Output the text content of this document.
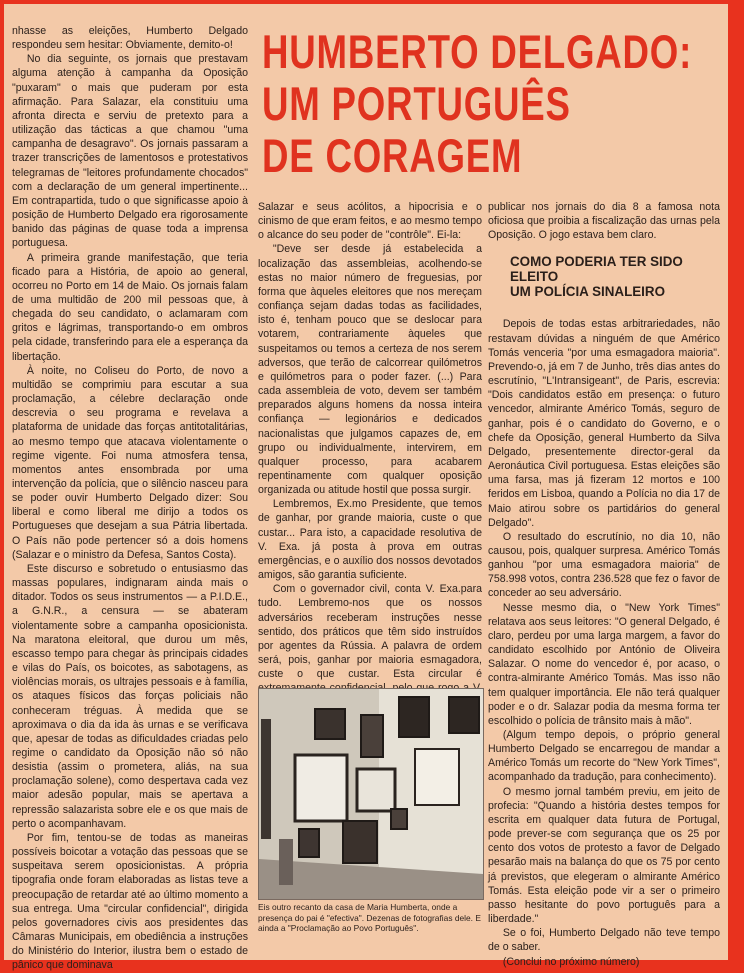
HUMBERTO DELGADO:
UM PORTUGUÊS
DE CORAGEM

nhasse as eleições, Humberto Delgado respondeu sem hesitar: Obviamente, demito-o!

No dia seguinte, os jornais que prestavam alguma atenção à campanha da Oposição "puxaram" o mais que puderam por esta afirmação. Para Salazar, ela constituiu uma afronta directa e serviu de pretexto para a utilização das tácticas a que chamou "uma campanha de desagravo". Os jornais passaram a trazer transcrições de lamentosos e protestativos telegramas de "leitores profundamente chocados" com a declaração de um general impertinente... Em contrapartida, tudo o que significasse apoio à posição de Humberto Delgado era rigorosamente banido das páginas de quase toda a imprensa portuguesa.

A primeira grande manifestação, que teria ficado para a História, de apoio ao general, ocorreu no Porto em 14 de Maio. Os jornais falam de uma multidão de 200 mil pessoas que, à chegada do seu candidato, o aclamaram com gritos e lágrimas, transportando-o em ombros pela cidade, transferindo para ele a esperança da libertação.

À noite, no Coliseu do Porto, de novo a multidão se comprimiu para escutar a sua proclamação, a célebre declaração onde descrevia o seu programa e revelava a plataforma de unidade das forças antitotalitárias, ao mesmo tempo que atacava violentamente o regime vigente. Foi numa atmosfera tensa, momentos antes ensombrada por uma intervenção da polícia, que o silêncio nasceu para se poder ouvir Humberto Delgado dizer: Sou liberal e como liberal me dirijo a todos os Portugueses que desejam a sua Pátria libertada. O País não pode pertencer só a dois homens (Salazar e o ministro da Defesa, Santos Costa).

Este discurso e sobretudo o entusiasmo das massas populares, indignaram ainda mais o ditador. Todos os seus instrumentos — a P.I.D.E., a G.N.R., a censura — se abateram violentamente sobre a campanha oposicionista. Na maratona eleitoral, que durou um mês, escasso tempo para chegar às principais cidades e vilas do País, os boicotes, as sabotagens, as violências morais, os ultrajes pessoais e à família, os ataques físicos das forças policiais não conheceram tréguas. À medida que se aproximava o dia da ida às urnas e se verificava que, apesar de todas as dificuldades criadas pelo regime o candidato da Oposição não só não desistia (assim o prometera, aliás, na sua proclamação solene), como despertava cada vez maior adesão popular, mais se apertava a repressão salazarista sobre ele e os que mais de perto o acompanhavam.

Por fim, tentou-se de todas as maneiras possíveis boicotar a votação das pessoas que se suspeitava serem oposicionistas. A própria tipografia onde foram elaboradas as listas teve a preocupação de retardar até ao último momento a sua entrega. Uma "circular confidencial", dirigida pelos governadores civis aos presidentes das Câmaras Municipais, em obediência a instruções do Ministério do Interior, ilustra bem o estado de pânico que dominava

Salazar e seus acólitos, a hipocrisia e o cinismo de que eram feitos, e ao mesmo tempo o alcance do seu poder de "contrôle". Ei-la:

"Deve ser desde já estabelecida a localização das assembleias, acolhendo-se estas no maior número de freguesias, por forma que àqueles eleitores que nos mereçam confiança sejam dadas todas as facilidades, isto é, tenham pouco que se deslocar para votarem, contrariamente àqueles que suspeitamos ou temos a certeza de nos serem adversos, que terão de calcorrear quilómetros e quilómetros para o poder fazer. (...) Para cada assembleia de voto, devem ser também preparados alguns homens da nossa inteira confiança — legionários e dedicados nacionalistas que julgamos capazes de, em grupo ou individualmente, intervirem, em qualquer processo, para acabarem repentinamente com qualquer oposição organizada ou atitude hostil que possa surgir.

Lembremos, Ex.mo Presidente, que temos de ganhar, por grande maioria, custe o que custar... Para isto, a capacidade resolutiva de V. Exa. já posta à prova em outras emergências, e o auxílio dos nossos devotados amigos, são garantia suficiente.

Com o governador civil, conta V. Exa.para tudo. Lembremo-nos que os nossos adversários receberam instruções nesse sentido, dos práticos que têm sido instruídos por agentes da Rússia. A palavra de ordem será, pois, ganhar por maioria esmagadora, custe o que custar. Esta circular é

publicar nos jornais do dia 8 a famosa nota oficiosa que proibia a fiscalização das urnas pela Oposição. O jogo estava bem claro.

COMO PODERIA TER SIDO
ELEITO
UM POLÍCIA SINALEIRO

Depois de todas estas arbitrariedades, não restavam dúvidas a ninguém de que Américo Tomás venceria "por uma esmagadora maioria". Prevendo-o, já em 7 de Junho, três dias antes do escrutínio, "L'Intransigeant", de Paris, escrevia: "Dois candidatos estão em presença: o futuro vencedor, almirante Américo Tomás, seguro de ganhar, pois é o candidato do Governo, e o chefe da Oposição, general Humberto da Silva Delgado, presentemente director-geral da Aeronáutica Civil portuguesa. Estas eleições são uma farsa, mas já fizeram 12 mortos e 100 feridos em Lisboa, quando a Polícia no dia 17 de Maio atirou sobre os partidários do general Delgado".

O resultado do escrutínio, no dia 10, não causou, pois, qualquer surpresa. Américo Tomás ganhou "por uma esmagadora maioria" de 758.998 votos, contra 236.528 que fez o favor de conceder ao seu adversário.

Nesse mesmo dia, o "New York Times" relatava aos seus leitores: "O general Delgado, é claro, perdeu por uma larga margem, a favor do candidato escolhido por António de Oliveira Salazar. O nome do vencedor é, por acaso, o contra-almirante Américo Tomás. Mas isso não tem qualquer importância. Ele não terá qualquer poder e o dr. Salazar podia da mesma forma ter escolhido o polícia de trânsito mais à mão".

(Algum tempo depois, o próprio general Humberto Delgado se encarregou de mandar a Américo Tomás um recorte do "New York Times", acompanhado da tradução, para conhecimento).

O mesmo jornal também previu, em jeito de profecia: "Quando a história destes tempos for escrita em qualquer data futura de Portugal, pode prever-se com segurança que os 25 por cento dos votos de protesto a favor de Delgado pesarão mais na balança do que os 75 por cento já previstos, que elegeram o almirante Américo Tomás. Esta eleição pode vir a ser o primeiro passo hesitante do povo português para a liberdade."

Se o foi, Humberto Delgado não teve tempo de o saber.

(Conclui no próximo número)

Eis outro recanto da casa de Maria Humberta, onde a presença do pai é "efectiva". Dezenas de fotografias dele. E ainda a "Proclamação ao Povo Português".
